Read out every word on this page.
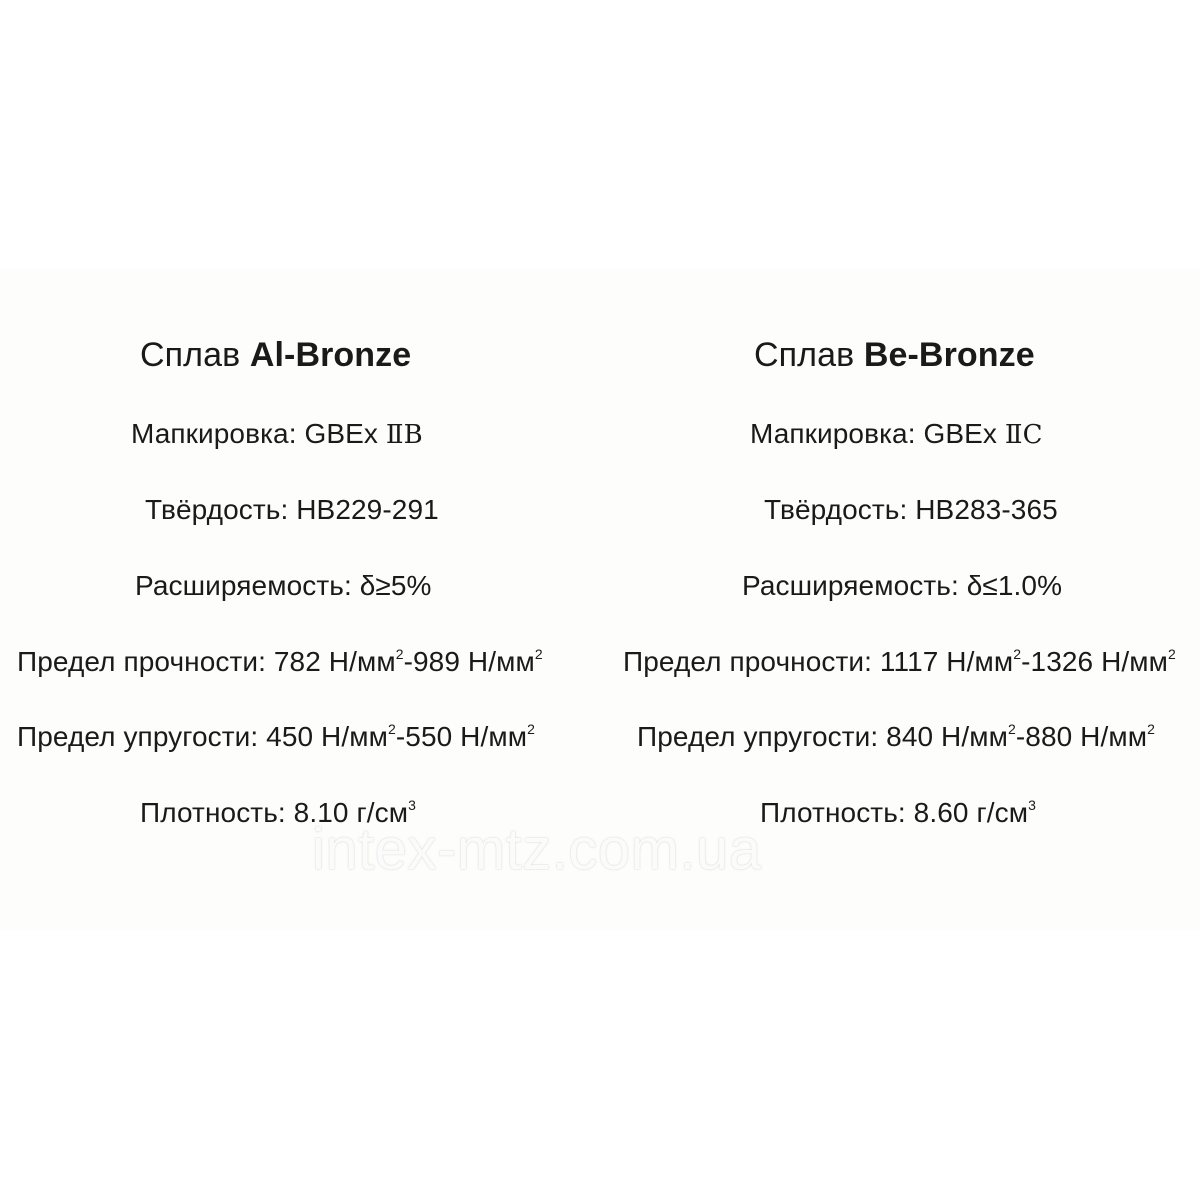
Сплав Al-Bronze
Мапкировка: GBEx ⅡB
Твёрдость: HB229-291
Расширяемость: δ≥5%
Предел прочности: 782 $Н/мм^2-989$ $Н/мм^2$
Предел упругости: 450 $Н/мм^2-550$ $Н/мм^2$
Плотность: 8.10 $г/см^3$
Сплав Be-Bronze
Мапкировка: GBEx ⅡC
Твёрдость: HB283-365
Расширяемость: δ≤1.0%
Предел прочности: 1117 $Н/мм^2-1326$ $Н/мм^2$
Предел упругости: 840 $Н/мм^2-880$ $Н/мм^2$
Плотность: 8.60 $г/см^3$
intex-mtz.com.ua
